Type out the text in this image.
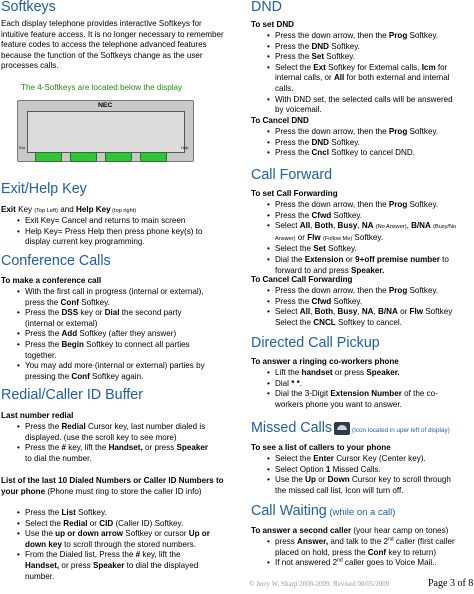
Softkeys

Each display telephone provides interactive Softkeys for intuitive feature access. It is no longer necessary to remember feature codes to access the telephone advanced features because the function of the Softkeys change as the user processes calls.

The 4-Softkeys are located below the display
NEC
Exit	Help
Exit/Help Key

Exit Key (Top Left) and Help Key (top right)

• Exit Key= Cancel and returns to main screen
• Help Key= Press Help then press phone key(s) to display current key programming.
Conference Calls
To make a conference call
• With the first call in progress (internal or external), press the Conf Softkey.
• Press the DSS key or Dial the second party (internal or external)
• Press the Add Softkey (after they answer)
• Press the Begin Softkey to connect all parties together.
• You may add more (internal or external) parties by pressing the Conf Softkey again.
Redial/Caller ID Buffer
Last number redial
• Press the Redial Cursor key, last number dialed is displayed. (use the scroll key to see more)
• Press the # key, lift the Handset, or press Speaker to dial the number.

List of the last 10 Dialed Numbers or Caller ID Numbers to your phone (Phone must ring to store the caller ID info)

• Press the List Softkey.
• Select the Redial or CID (Caller ID) Softkey.
• Use the up or down arrow Softkey or cursor Up or down key to scroll through the stored numbers.
• From the Dialed list, Press the # key, lift the Handset, or press Speaker to dial the displayed number.
DND
To set DND
• Press the down arrow, then the Prog Softkey.
• Press the DND Softkey.
• Press the Set Softkey.
• Select the Ext Softkey for External calls, Icm for internal calls, or All for both external and internal calls.
• With DND set, the selected calls will be answered by voicemail.
To Cancel DND
• Press the down arrow, then the Prog Softkey.
• Press the DND Softkey.
• Press the Cncl Softkey to cancel DND.
Call Forward
To set Call Forwarding
• Press the down arrow, then the Prog Softkey.
• Press the Cfwd Softkey.
• Select All, Both, Busy, NA (No Answer), B/NA (Busy/No Answer) or Flw (Follow Me) Softkey.
• Select the Set Softkey.
• Dial the Extension or 9+off premise number to forward to and press Speaker.
To Cancel Call Forwarding
• Press the down arrow, then the Prog Softkey.
• Press the Cfwd Softkey.
• Select All, Both, Busy, NA, B/NA or Flw Softkey Select the CNCL Softkey to cancel.
Directed Call Pickup
To answer a ringing co-workers phone
• Lift the handset or press Speaker.
• Dial * *.
• Dial the 3-Digit Extension Number of the co-workers phone you want to answer.
Missed Calls	(Icon located in uper left of display)
To see a list of callers to your phone
• Select the Enter Cursor Key (Center key).
• Select Option 1 Missed Calls.
• Use the Up or Down Cursor key to scroll through the missed call list, Icon will turn off.
Call Waiting (while on a call)

To answer a second caller (your hear camp on tones)

• press Answer, and talk to the 2nd caller (first caller placed on hold, press the Conf key to return)
• If not answered 2nd caller goes to Voice Mail..
© Jerry W. Sharp 2008-2009. Revised 08/05/2009	Page 3 of 8
